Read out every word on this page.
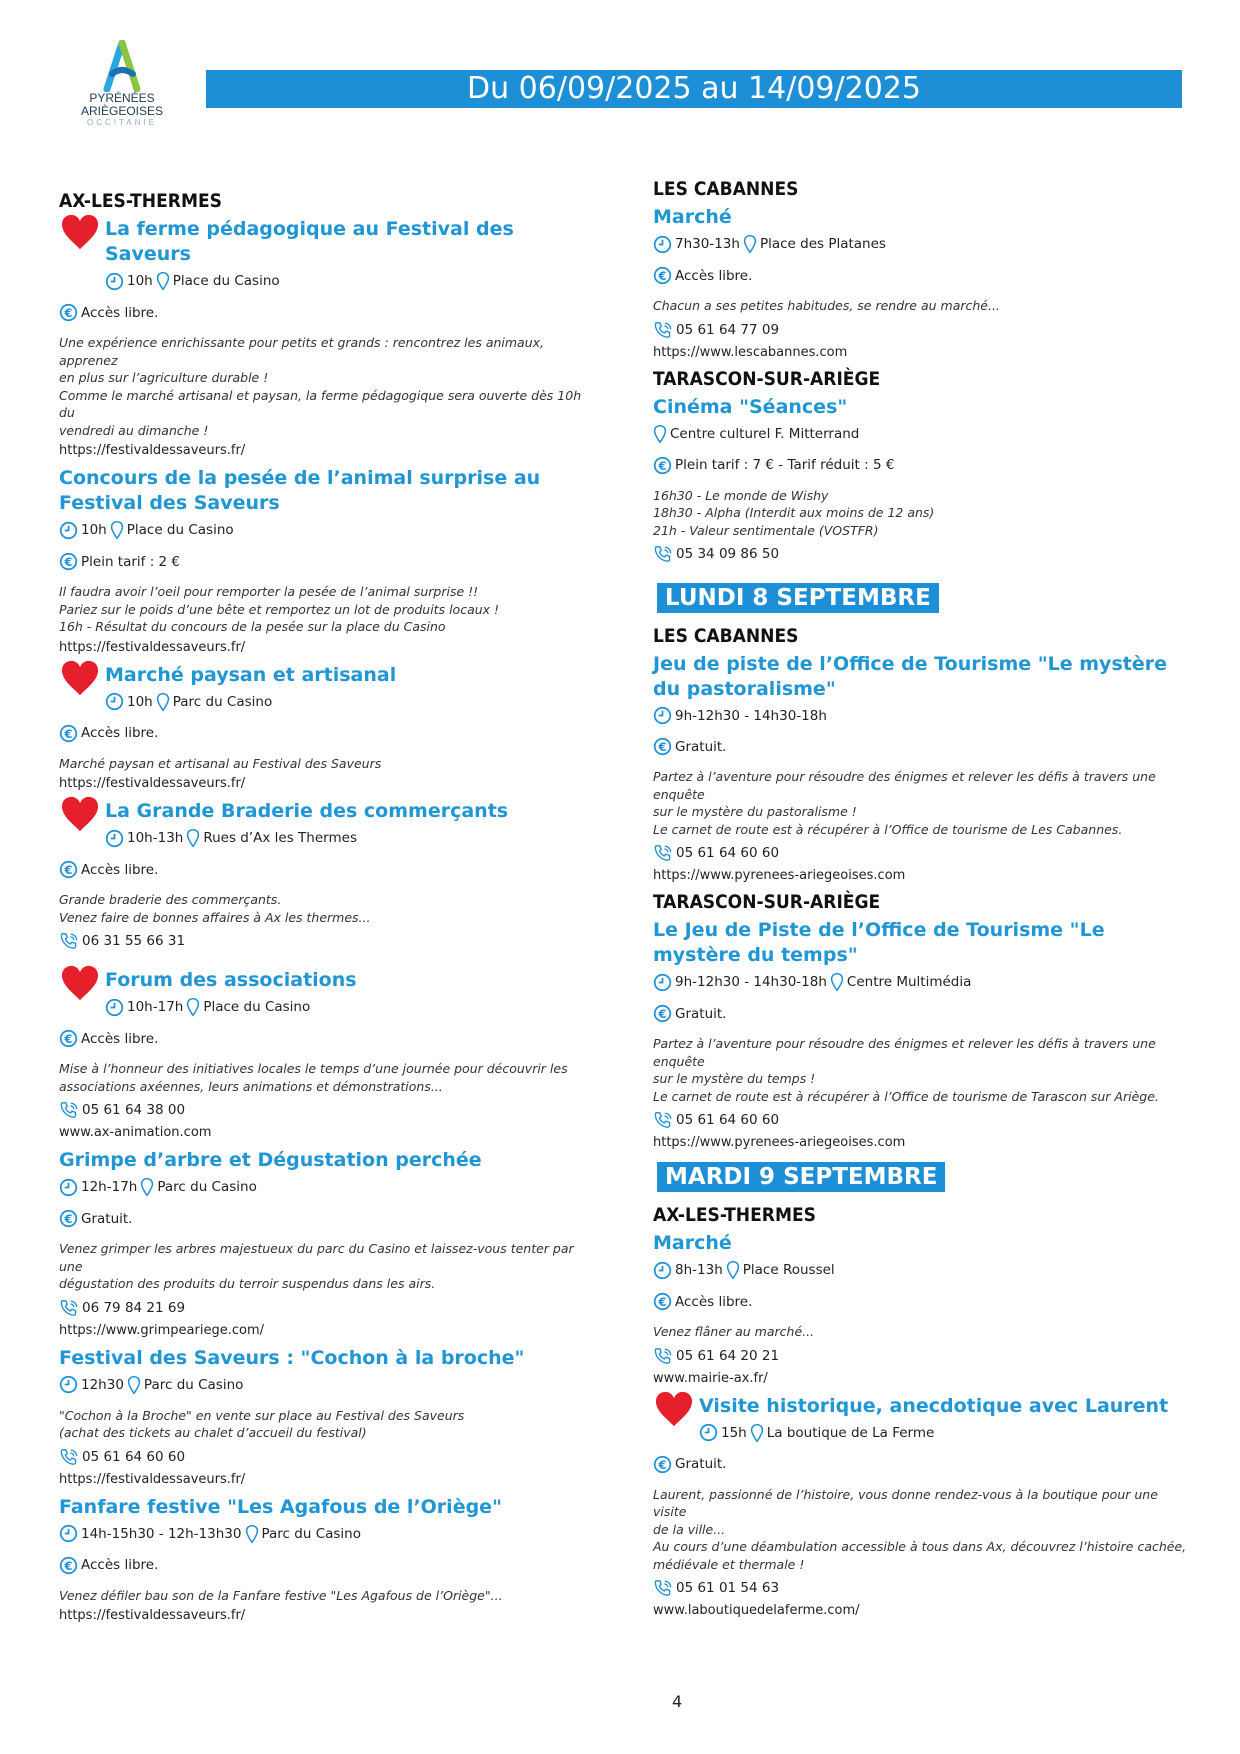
PYRÉNÉES
ARIÈGEOISES
OCCITANIE
Du 06/09/2025 au 14/09/2025
AX-LES-THERMES
La ferme pédagogique au Festival des Saveurs
10h Place du Casino
Accès libre.
Une expérience enrichissante pour petits et grands : rencontrez les animaux, apprenez
en plus sur l’agriculture durable !
Comme le marché artisanal et paysan, la ferme pédagogique sera ouverte dès 10h du
vendredi au dimanche !
https://festivaldessaveurs.fr/
Concours de la pesée de l’animal surprise au Festival des Saveurs
10h Place du Casino
Plein tarif : 2 €
Il faudra avoir l’oeil pour remporter la pesée de l’animal surprise !!
Pariez sur le poids d’une bête et remportez un lot de produits locaux !
16h - Résultat du concours de la pesée sur la place du Casino
https://festivaldessaveurs.fr/
Marché paysan et artisanal
10h Parc du Casino
Accès libre.
Marché paysan et artisanal au Festival des Saveurs
https://festivaldessaveurs.fr/
La Grande Braderie des commerçants
10h-13h Rues d’Ax les Thermes
Accès libre.
Grande braderie des commerçants.
Venez faire de bonnes affaires à Ax les thermes...
06 31 55 66 31
Forum des associations
10h-17h Place du Casino
Accès libre.
Mise à l’honneur des initiatives locales le temps d’une journée pour découvrir les
associations axéennes, leurs animations et démonstrations...
05 61 64 38 00
www.ax-animation.com
Grimpe d’arbre et Dégustation perchée
12h-17h Parc du Casino
Gratuit.
Venez grimper les arbres majestueux du parc du Casino et laissez-vous tenter par une
dégustation des produits du terroir suspendus dans les airs.
06 79 84 21 69
https://www.grimpeariege.com/
Festival des Saveurs : "Cochon à la broche"
12h30 Parc du Casino
"Cochon à la Broche" en vente sur place au Festival des Saveurs
(achat des tickets au chalet d’accueil du festival)
05 61 64 60 60
https://festivaldessaveurs.fr/
Fanfare festive "Les Agafous de l’Oriège"
14h-15h30 - 12h-13h30 Parc du Casino
Accès libre.
Venez défiler bau son de la Fanfare festive "Les Agafous de l’Oriège"...
https://festivaldessaveurs.fr/
LES CABANNES
Marché
7h30-13h Place des Platanes
Accès libre.
Chacun a ses petites habitudes, se rendre au marché...
05 61 64 77 09
https://www.lescabannes.com
TARASCON-SUR-ARIÈGE
Cinéma "Séances"
Centre culturel F. Mitterrand
Plein tarif : 7 € - Tarif réduit : 5 €
16h30 - Le monde de Wishy
18h30 - Alpha (Interdit aux moins de 12 ans)
21h - Valeur sentimentale (VOSTFR)
05 34 09 86 50
LUNDI 8 SEPTEMBRE
LES CABANNES
Jeu de piste de l’Office de Tourisme "Le mystère du pastoralisme"
9h-12h30 - 14h30-18h
Gratuit.
Partez à l’aventure pour résoudre des énigmes et relever les défis à travers une enquête
sur le mystère du pastoralisme !
Le carnet de route est à récupérer à l’Office de tourisme de Les Cabannes.
05 61 64 60 60
https://www.pyrenees-ariegeoises.com
TARASCON-SUR-ARIÈGE
Le Jeu de Piste de l’Office de Tourisme "Le mystère du temps"
9h-12h30 - 14h30-18h Centre Multimédia
Gratuit.
Partez à l’aventure pour résoudre des énigmes et relever les défis à travers une enquête
sur le mystère du temps !
Le carnet de route est à récupérer à l’Office de tourisme de Tarascon sur Ariège.
05 61 64 60 60
https://www.pyrenees-ariegeoises.com
MARDI 9 SEPTEMBRE
AX-LES-THERMES
Marché
8h-13h Place Roussel
Accès libre.
Venez flâner au marché...
05 61 64 20 21
www.mairie-ax.fr/
Visite historique, anecdotique avec Laurent
15h La boutique de La Ferme
Gratuit.
Laurent, passionné de l’histoire, vous donne rendez-vous à la boutique pour une visite
de la ville...
Au cours d’une déambulation accessible à tous dans Ax, découvrez l’histoire cachée,
médiévale et thermale !
05 61 01 54 63
www.laboutiquedelaferme.com/
4
